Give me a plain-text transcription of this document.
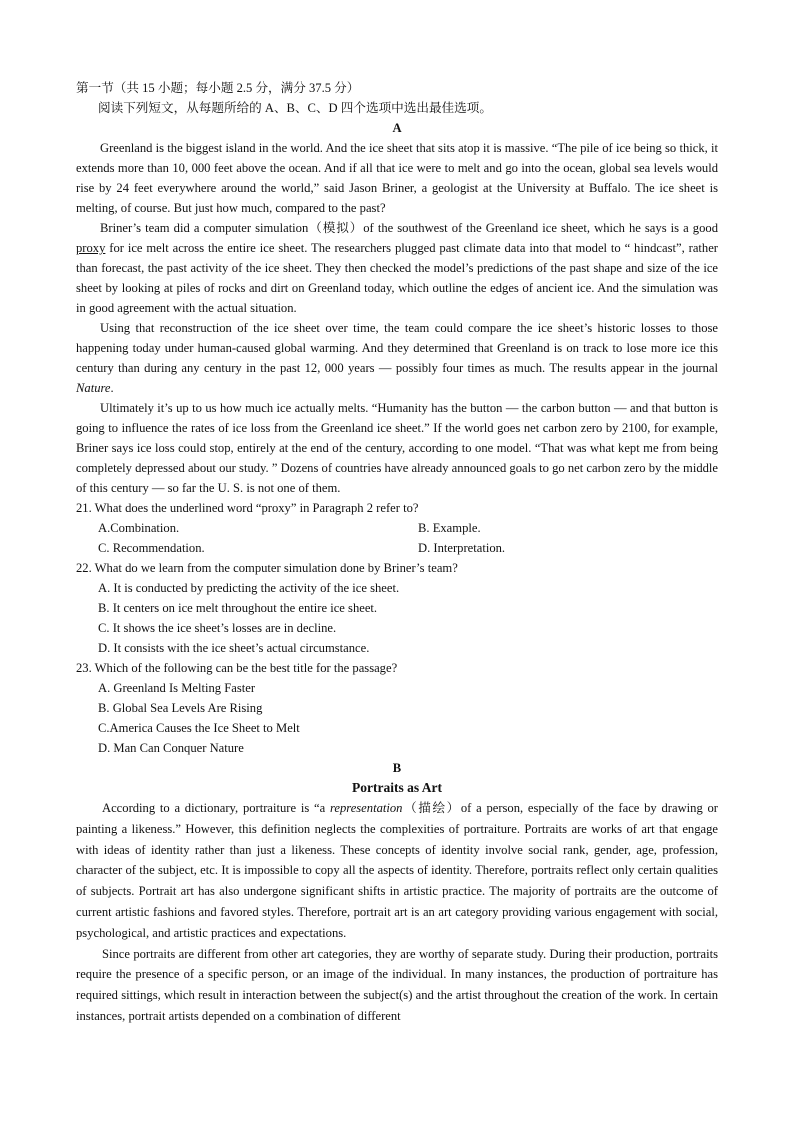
第一节（共 15 小题；每小题 2.5 分，满分 37.5 分）
阅读下列短文，从每题所给的 A、B、C、D 四个选项中选出最佳选项。
A

Greenland is the biggest island in the world. And the ice sheet that sits atop it is massive. “The pile of ice being so thick, it extends more than 10, 000 feet above the ocean. And if all that ice were to melt and go into the ocean, global sea levels would rise by 24 feet everywhere around the world,” said Jason Briner, a geologist at the University at Buffalo. The ice sheet is melting, of course. But just how much, compared to the past?

Briner’s team did a computer simulation（模拟）of the southwest of the Greenland ice sheet, which he says is a good proxy for ice melt across the entire ice sheet. The researchers plugged past climate data into that model to “ hindcast”, rather than forecast, the past activity of the ice sheet. They then checked the model’s predictions of the past shape and size of the ice sheet by looking at piles of rocks and dirt on Greenland today, which outline the edges of ancient ice. And the simulation was in good agreement with the actual situation.

Using that reconstruction of the ice sheet over time, the team could compare the ice sheet’s historic losses to those happening today under human-caused global warming. And they determined that Greenland is on track to lose more ice this century than during any century in the past 12, 000 years — possibly four times as much. The results appear in the journal Nature.

Ultimately it’s up to us how much ice actually melts. “Humanity has the button — the carbon button — and that button is going to influence the rates of ice loss from the Greenland ice sheet.” If the world goes net carbon zero by 2100, for example, Briner says ice loss could stop, entirely at the end of the century, according to one model. “That was what kept me from being completely depressed about our study. ” Dozens of countries have already announced goals to go net carbon zero by the middle of this century — so far the U. S. is not one of them.

21. What does the underlined word “proxy” in Paragraph 2 refer to?
A.Combination.	B. Example.
C. Recommendation.	D. Interpretation.
22. What do we learn from the computer simulation done by Briner’s team?
A. It is conducted by predicting the activity of the ice sheet.
B. It centers on ice melt throughout the entire ice sheet.
C. It shows the ice sheet’s losses are in decline.
D. It consists with the ice sheet’s actual circumstance.
23. Which of the following can be the best title for the passage?
A. Greenland Is Melting Faster
B. Global Sea Levels Are Rising
C.America Causes the Ice Sheet to Melt
D. Man Can Conquer Nature
B
Portraits as Art

According to a dictionary, portraiture is “a representation（描绘）of a person, especially of the face by drawing or painting a likeness.” However, this definition neglects the complexities of portraiture. Portraits are works of art that engage with ideas of identity rather than just a likeness. These concepts of identity involve social rank, gender, age, profession, character of the subject, etc. It is impossible to copy all the aspects of identity. Therefore, portraits reflect only certain qualities of subjects. Portrait art has also undergone significant shifts in artistic practice. The majority of portraits are the outcome of current artistic fashions and favored styles. Therefore, portrait art is an art category providing various engagement with social, psychological, and artistic practices and expectations.

Since portraits are different from other art categories, they are worthy of separate study. During their production, portraits require the presence of a specific person, or an image of the individual. In many instances, the production of portraiture has required sittings, which result in interaction between the subject(s) and the artist throughout the creation of the work. In certain instances, portrait artists depended on a combination of different
